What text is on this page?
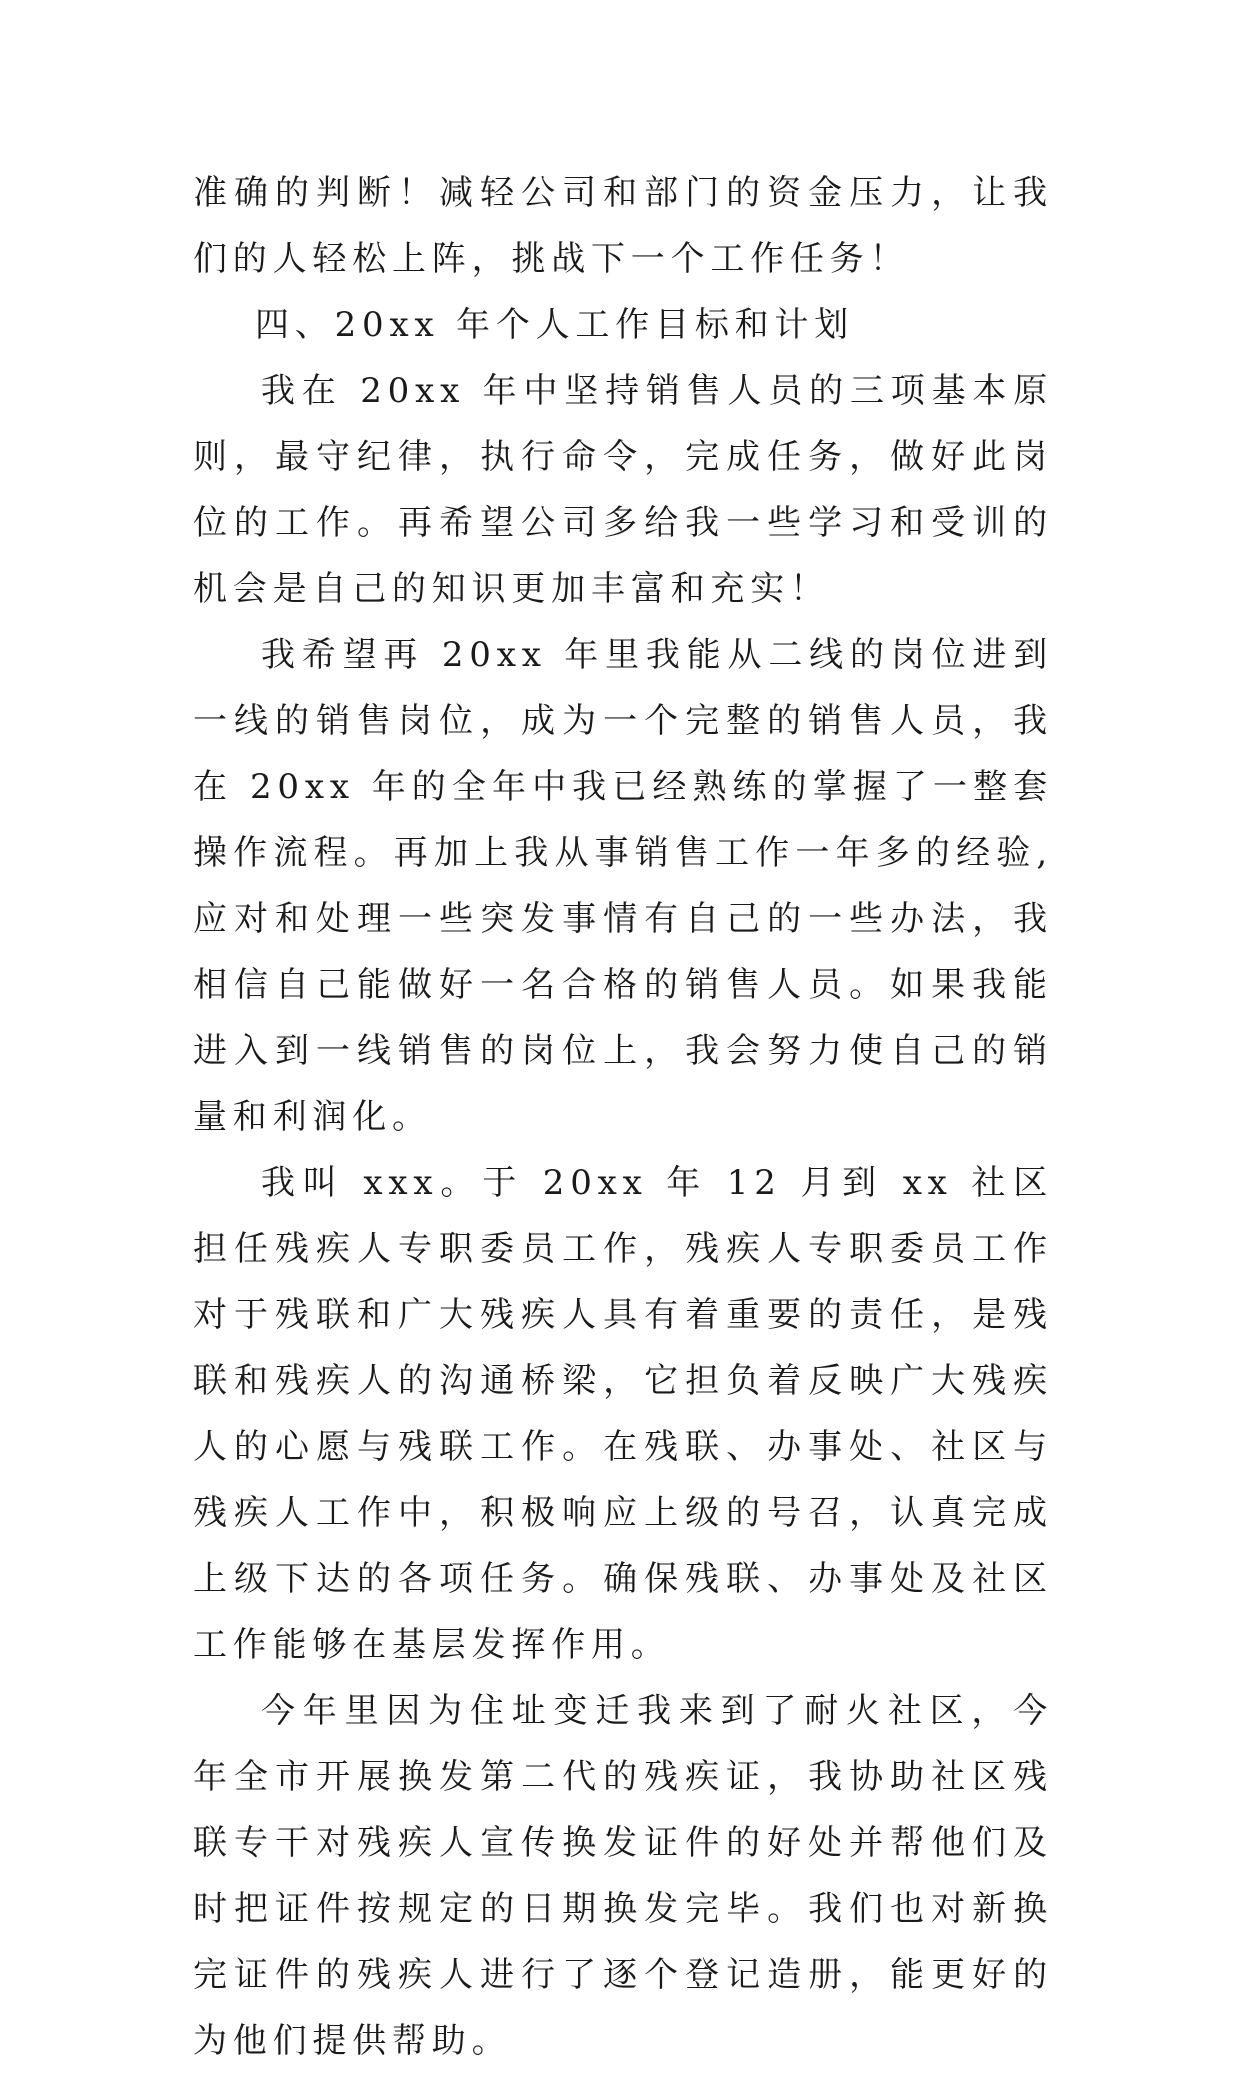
准确的判断！减轻公司和部门的资金压力，让我们的人轻松上阵，挑战下一个工作任务！

四、20xx 年个人工作目标和计划

我在 20xx 年中坚持销售人员的三项基本原则，最守纪律，执行命令，完成任务，做好此岗位的工作。再希望公司多给我一些学习和受训的机会是自己的知识更加丰富和充实！

我希望再 20xx 年里我能从二线的岗位进到一线的销售岗位，成为一个完整的销售人员，我在 20xx 年的全年中我已经熟练的掌握了一整套操作流程。再加上我从事销售工作一年多的经验,应对和处理一些突发事情有自己的一些办法，我相信自己能做好一名合格的销售人员。如果我能进入到一线销售的岗位上，我会努力使自己的销量和利润化。

我叫 xxx。于 20xx 年 12 月到 xx 社区担任残疾人专职委员工作，残疾人专职委员工作对于残联和广大残疾人具有着重要的责任，是残联和残疾人的沟通桥梁，它担负着反映广大残疾人的心愿与残联工作。在残联、办事处、社区与残疾人工作中，积极响应上级的号召，认真完成上级下达的各项任务。确保残联、办事处及社区工作能够在基层发挥作用。

今年里因为住址变迁我来到了耐火社区，今年全市开展换发第二代的残疾证，我协助社区残联专干对残疾人宣传换发证件的好处并帮他们及时把证件按规定的日期换发完毕。我们也对新换完证件的残疾人进行了逐个登记造册，能更好的为他们提供帮助。
